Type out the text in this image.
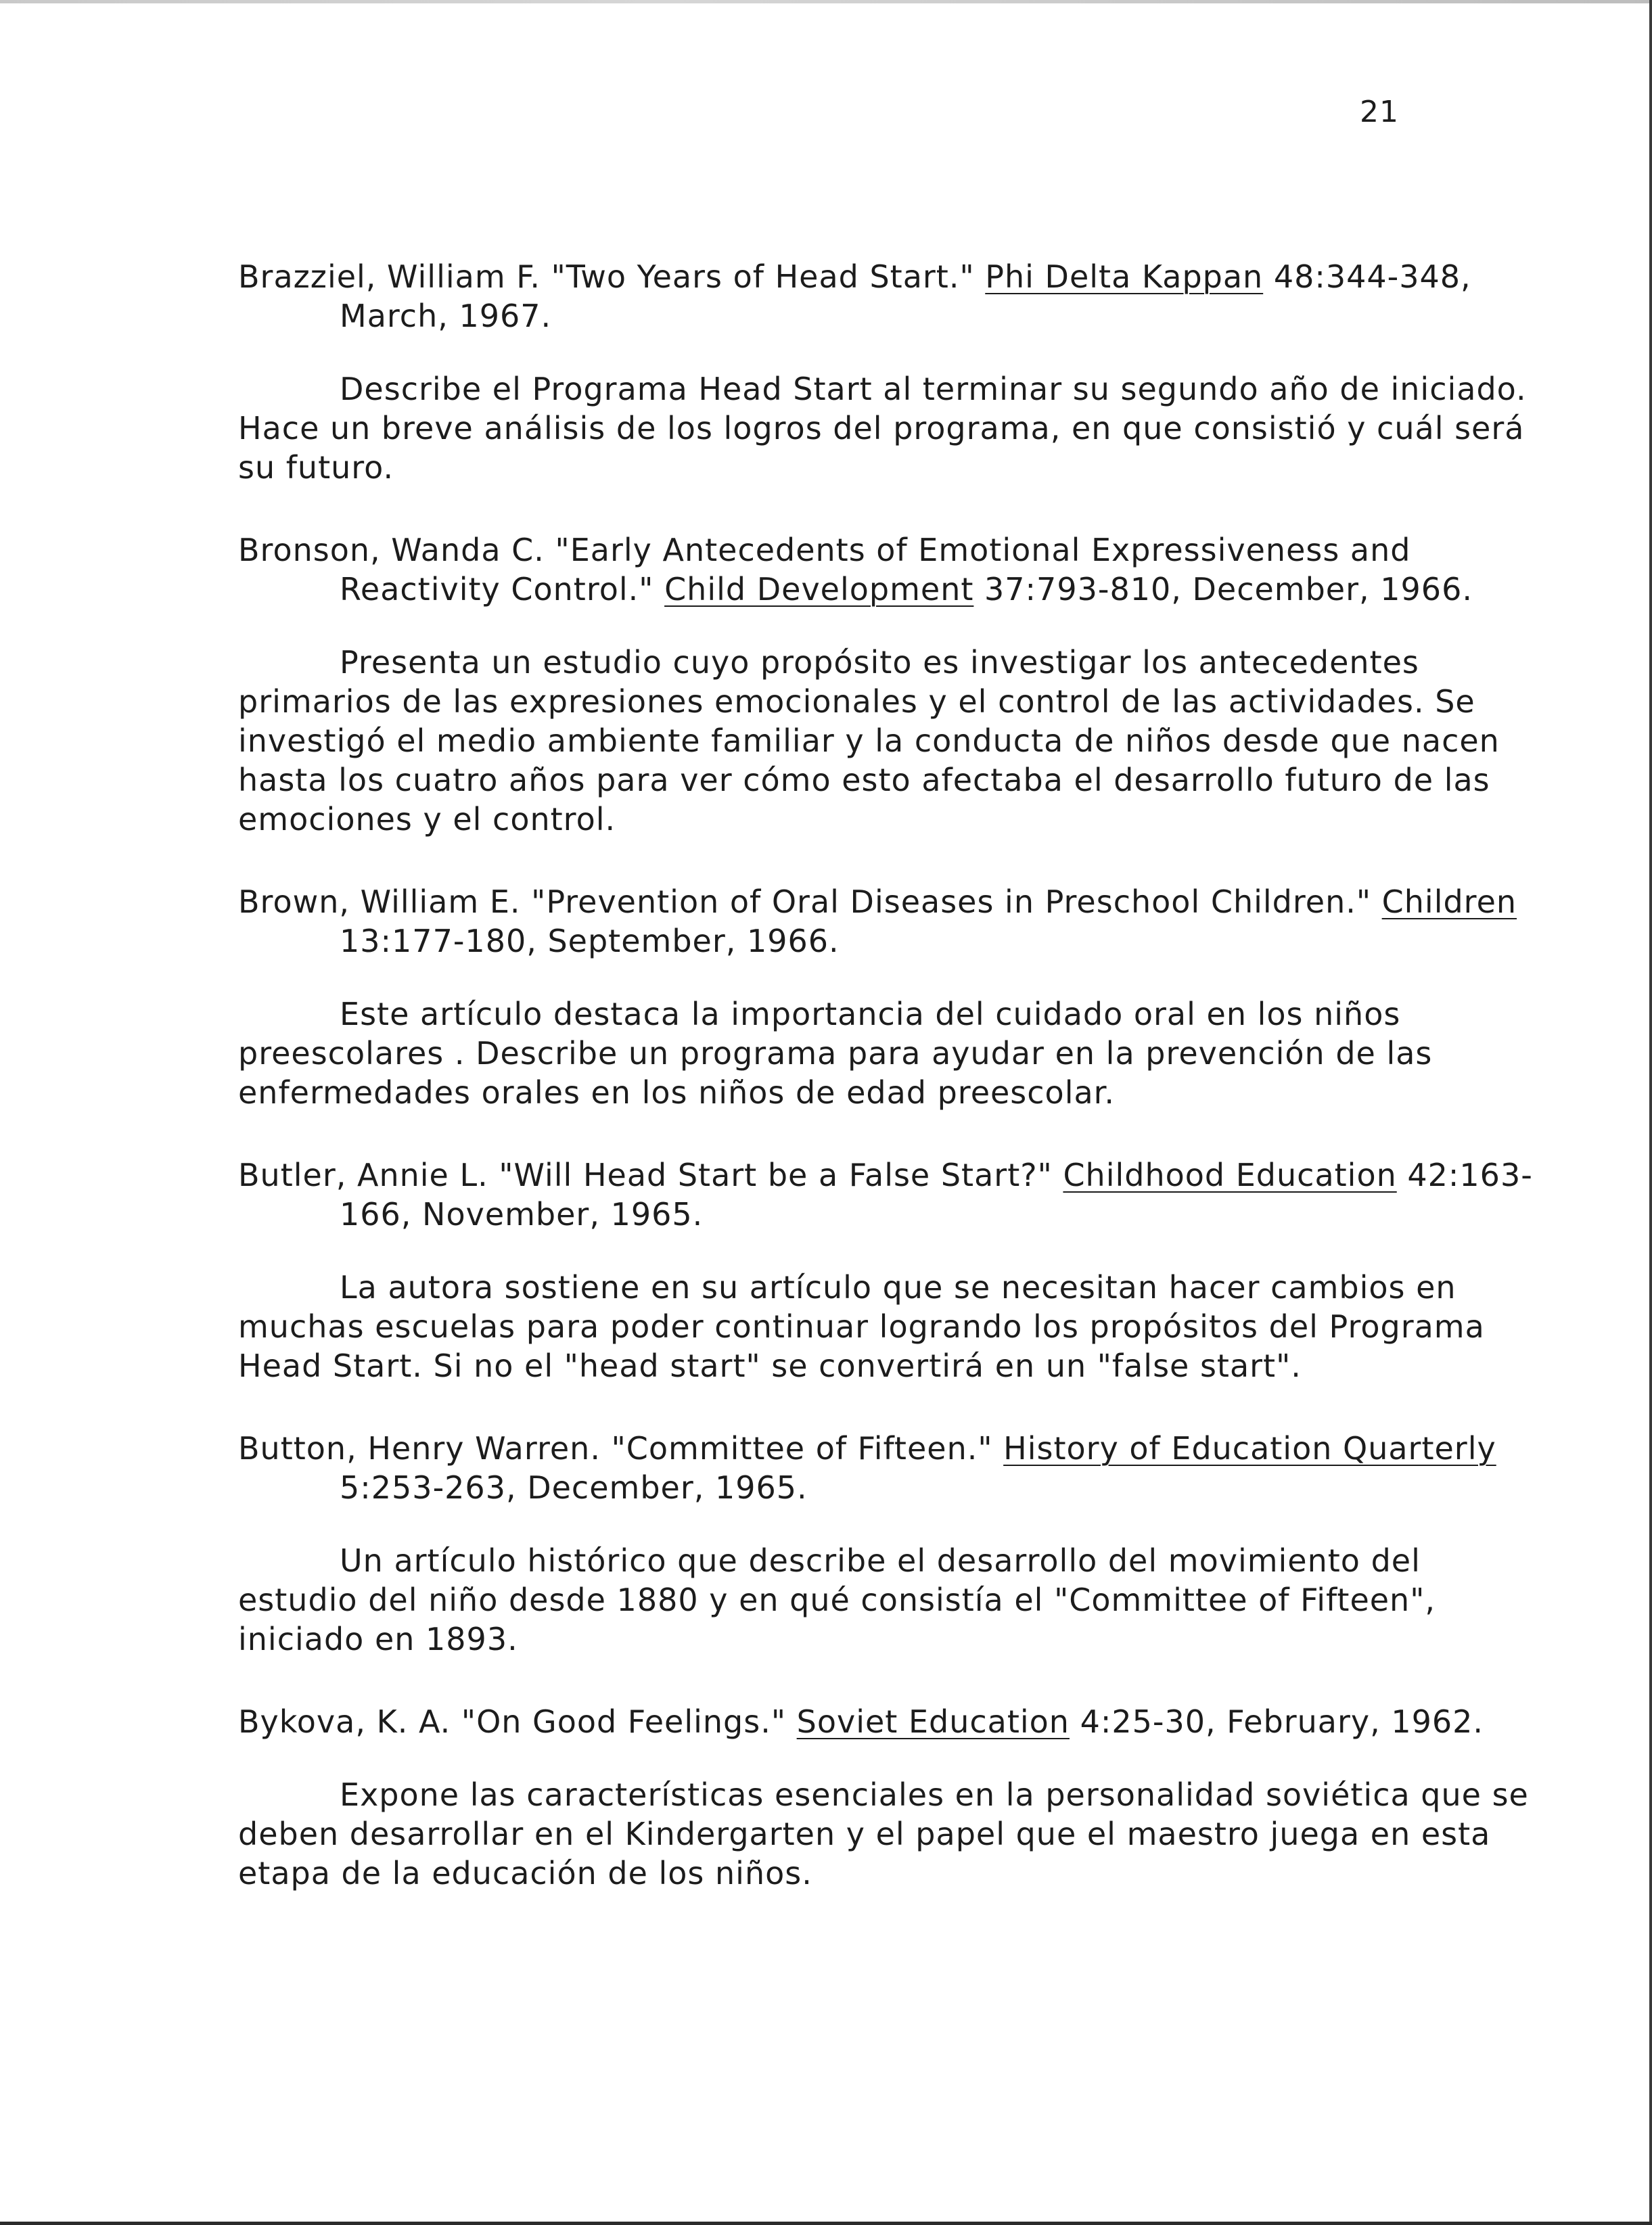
21

Brazziel, William F. "Two Years of Head Start." Phi Delta Kappan 48:344-348, March, 1967.

Describe el Programa Head Start al terminar su segundo año de iniciado. Hace un breve análisis de los logros del programa, en que consistió y cuál será su futuro.

Bronson, Wanda C. "Early Antecedents of Emotional Expressiveness and Reactivity Control." Child Development 37:793-810, December, 1966.

Presenta un estudio cuyo propósito es investigar los antecedentes primarios de las expresiones emocionales y el control de las actividades. Se investigó el medio ambiente familiar y la conducta de niños desde que nacen hasta los cuatro años para ver cómo esto afectaba el desarrollo futuro de las emociones y el control.

Brown, William E. "Prevention of Oral Diseases in Preschool Children." Children 13:177-180, September, 1966.

Este artículo destaca la importancia del cuidado oral en los niños preescolares . Describe un programa para ayudar en la prevención de las enfermedades orales en los niños de edad preescolar.

Butler, Annie L. "Will Head Start be a False Start?" Childhood Education 42:163-166, November, 1965.

La autora sostiene en su artículo que se necesitan hacer cambios en muchas escuelas para poder continuar logrando los propósitos del Programa Head Start. Si no el "head start" se convertirá en un "false start".

Button, Henry Warren. "Committee of Fifteen." History of Education Quarterly 5:253-263, December, 1965.

Un artículo histórico que describe el desarrollo del movimiento del estudio del niño desde 1880 y en qué consistía el "Committee of Fifteen", iniciado en 1893.

Bykova, K. A. "On Good Feelings." Soviet Education 4:25-30, February, 1962.

Expone las características esenciales en la personalidad soviética que se deben desarrollar en el Kindergarten y el papel que el maestro juega en esta etapa de la educación de los niños.
